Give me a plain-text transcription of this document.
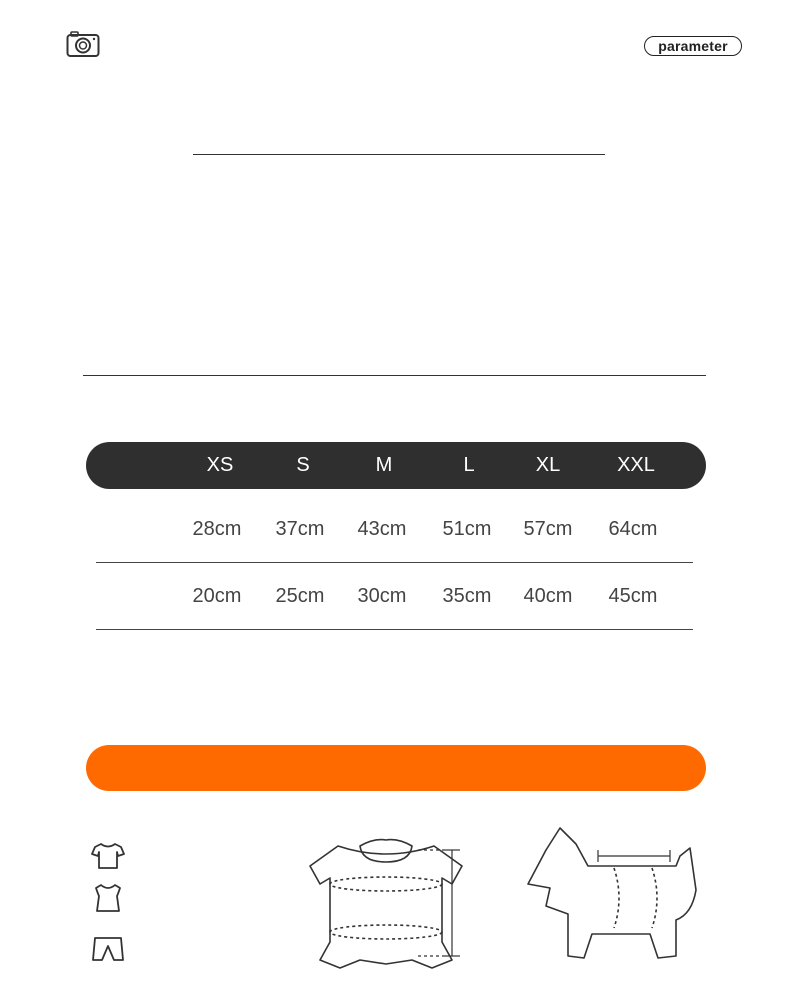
parameter
XS	S	M	L	XL	XXL
28cm	37cm	43cm	51cm	57cm	64cm
20cm	25cm	30cm	35cm	40cm	45cm
